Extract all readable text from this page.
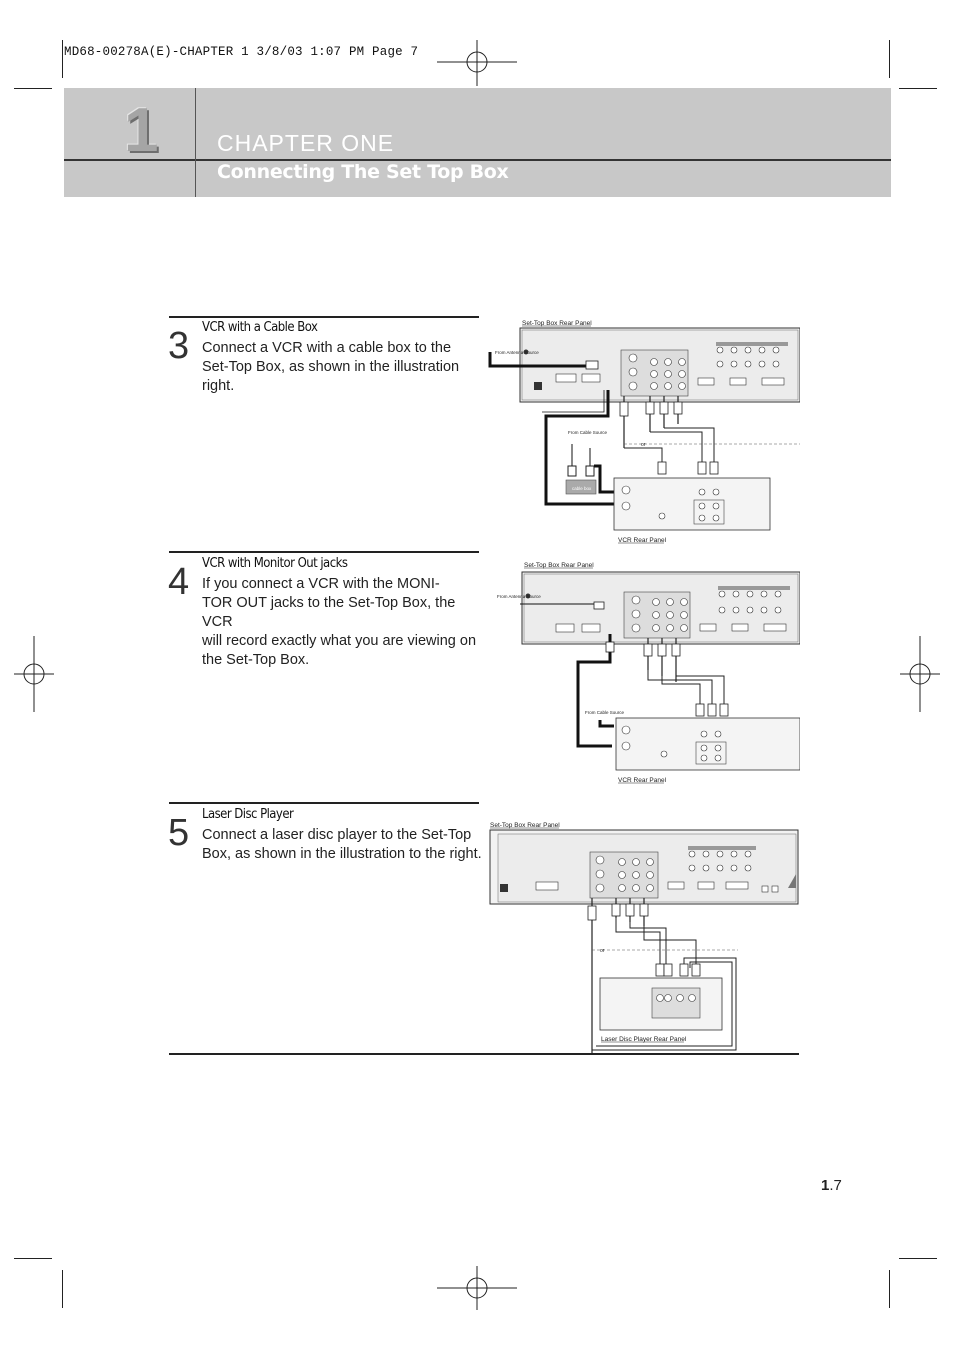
MD68-00278A(E)-CHAPTER 1 3/8/03 1:07 PM Page 7
1	CHAPTER ONE
Connecting The Set Top Box
3 VCR with a Cable Box
Connect a VCR with a cable box to the
Set-Top Box, as shown in the illustration
right.
Set-Top Box Rear Panel
From Antenna Source
or
From Cable Source
cable box
VCR Rear Panel
4 VCR with Monitor Out jacks
If you connect a VCR with the MONI-
TOR OUT jacks to the Set-Top Box, the VCR
will record exactly what you are viewing on
the Set-Top Box.
Set-Top Box Rear Panel
From Antenna Source
From Cable Source
VCR Rear Panel
5 Laser Disc Player
Connect a laser disc player to the Set-Top
Box, as shown in the illustration to the right.
Set-Top Box Rear Panel
or
Laser Disc Player Rear Panel
1.7
